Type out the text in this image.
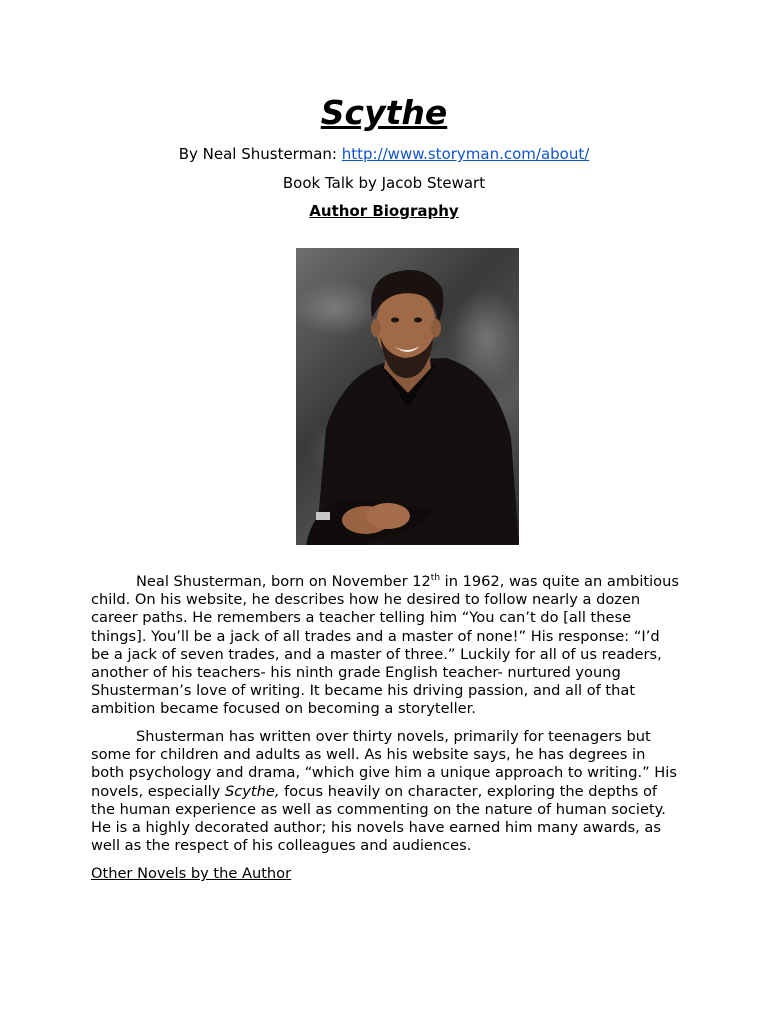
Scythe
By Neal Shusterman: http://www.storyman.com/about/
Book Talk by Jacob Stewart
Author Biography

Neal Shusterman, born on November 12th in 1962, was quite an ambitious child. On his website, he describes how he desired to follow nearly a dozen career paths. He remembers a teacher telling him “You can’t do [all these things]. You’ll be a jack of all trades and a master of none!” His response: “I’d be a jack of seven trades, and a master of three.” Luckily for all of us readers, another of his teachers- his ninth grade English teacher- nurtured young Shusterman’s love of writing. It became his driving passion, and all of that ambition became focused on becoming a storyteller.

Shusterman has written over thirty novels, primarily for teenagers but some for children and adults as well. As his website says, he has degrees in both psychology and drama, “which give him a unique approach to writing.” His novels, especially Scythe, focus heavily on character, exploring the depths of the human experience as well as commenting on the nature of human society. He is a highly decorated author; his novels have earned him many awards, as well as the respect of his colleagues and audiences.

Other Novels by the Author
